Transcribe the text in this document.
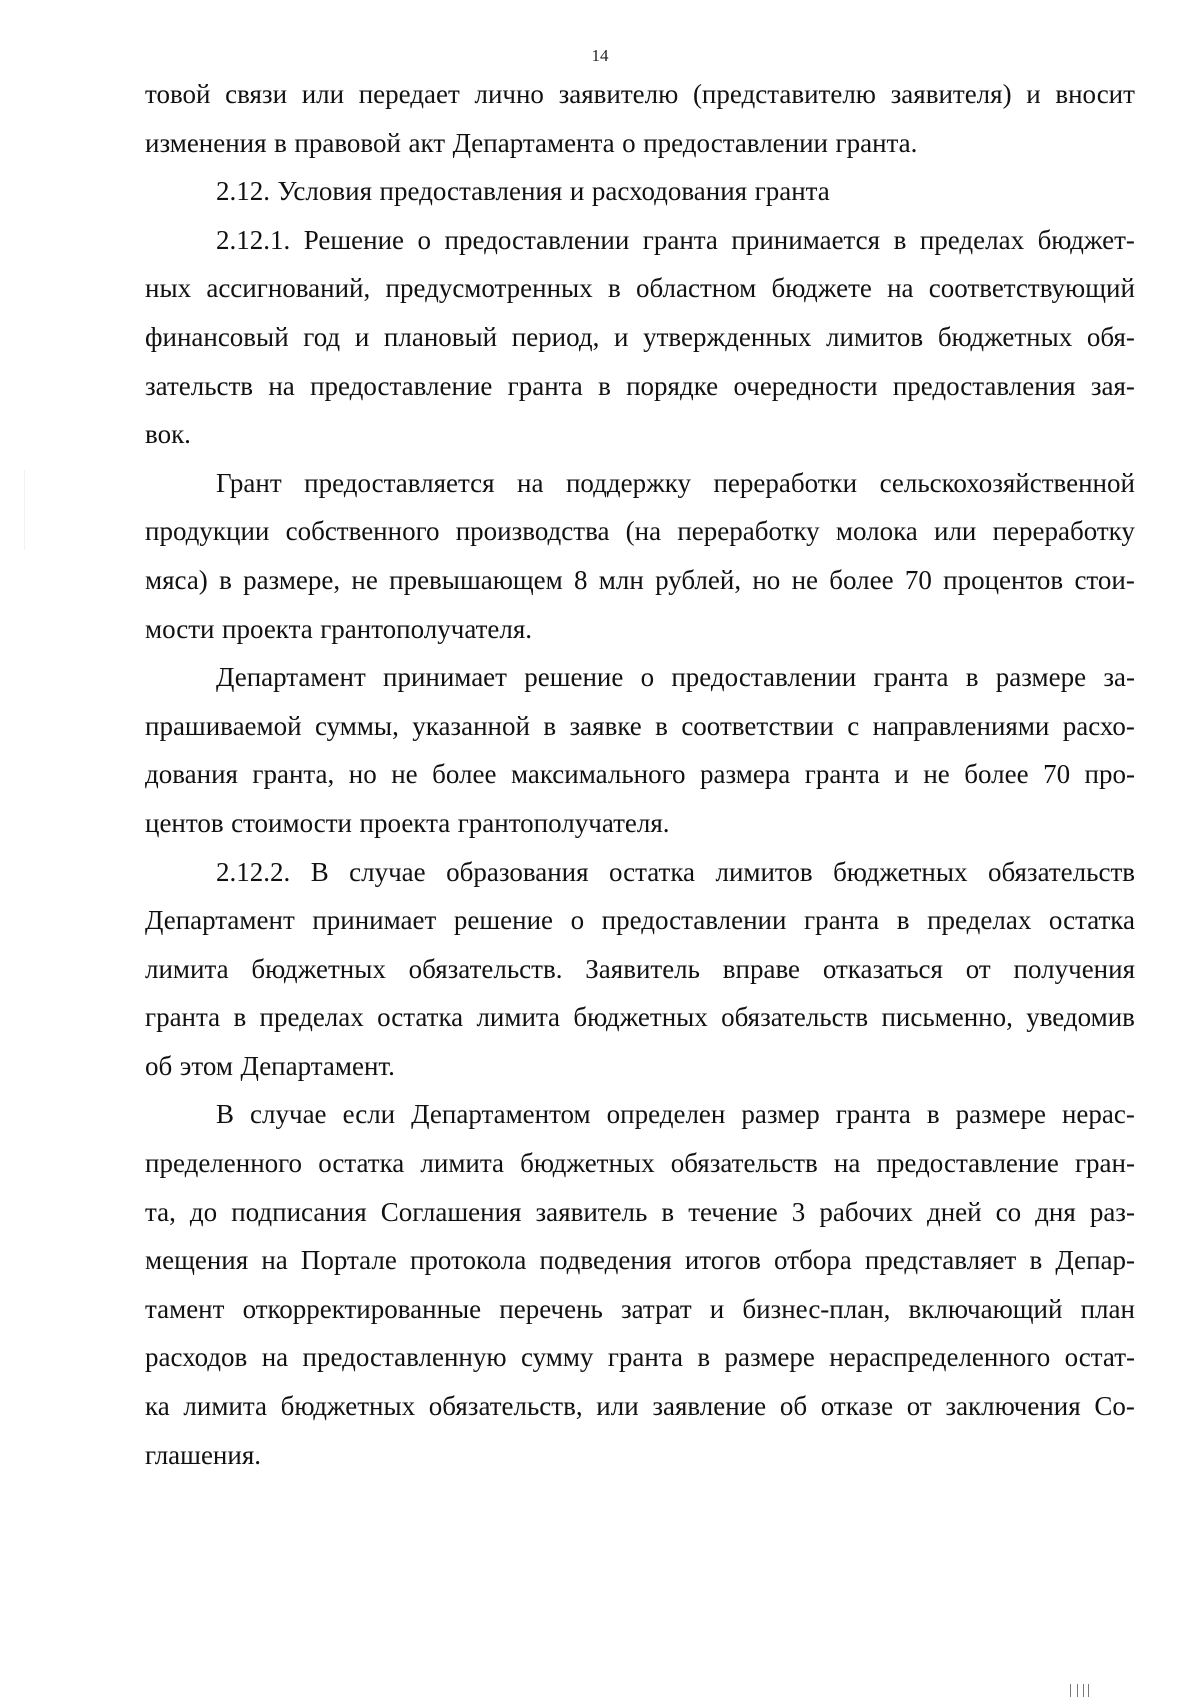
14
товой связи или передает лично заявителю (представителю заявителя) и вносит
изменения в правовой акт Департамента о предоставлении гранта.
2.12. Условия предоставления и расходования гранта
2.12.1. Решение о предоставлении гранта принимается в пределах бюджет-
ных ассигнований, предусмотренных в областном бюджете на соответствующий
финансовый год и плановый период, и утвержденных лимитов бюджетных обя-
зательств на предоставление гранта в порядке очередности предоставления зая-
вок.
Грант предоставляется на поддержку переработки сельскохозяйственной
продукции собственного производства (на переработку молока или переработку
мяса) в размере, не превышающем 8 млн рублей, но не более 70 процентов стои-
мости проекта грантополучателя.
Департамент принимает решение о предоставлении гранта в размере за-
прашиваемой суммы, указанной в заявке в соответствии с направлениями расхо-
дования гранта, но не более максимального размера гранта и не более 70 про-
центов стоимости проекта грантополучателя.
2.12.2. В случае образования остатка лимитов бюджетных обязательств
Департамент принимает решение о предоставлении гранта в пределах остатка
лимита бюджетных обязательств. Заявитель вправе отказаться от получения
гранта в пределах остатка лимита бюджетных обязательств письменно, уведомив
об этом Департамент.
В случае если Департаментом определен размер гранта в размере нерас-
пределенного остатка лимита бюджетных обязательств на предоставление гран-
та, до подписания Соглашения заявитель в течение 3 рабочих дней со дня раз-
мещения на Портале протокола подведения итогов отбора представляет в Депар-
тамент откорректированные перечень затрат и бизнес-план, включающий план
расходов на предоставленную сумму гранта в размере нераспределенного остат-
ка лимита бюджетных обязательств, или заявление об отказе от заключения Со-
глашения.
